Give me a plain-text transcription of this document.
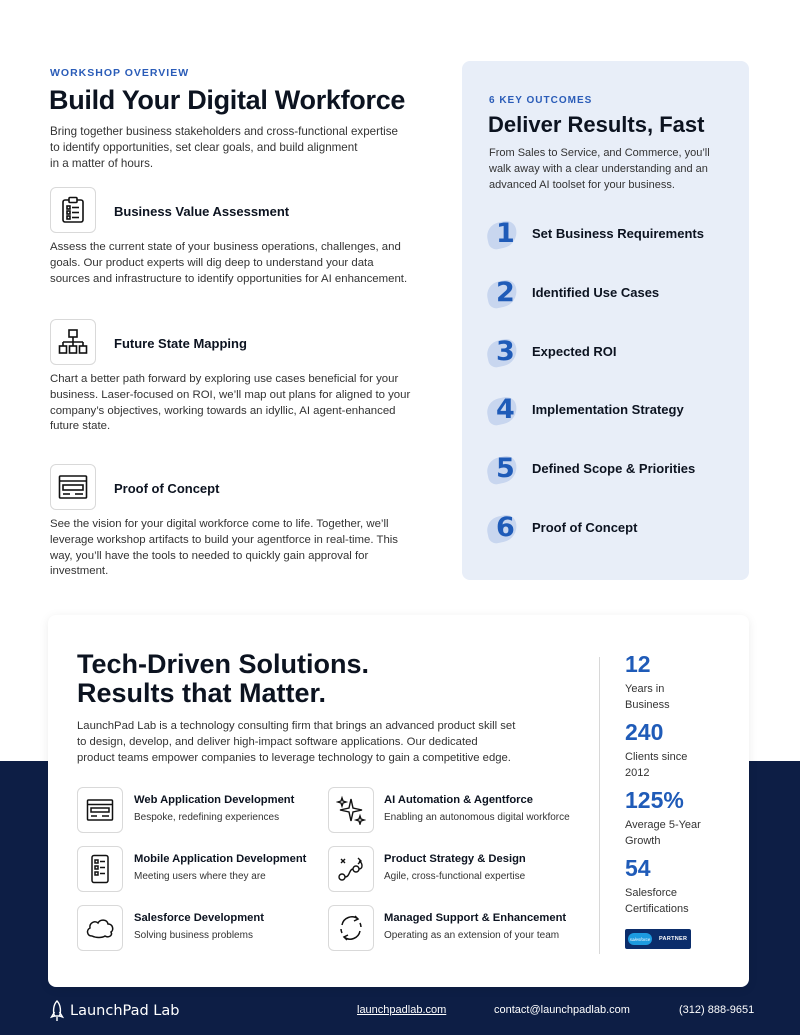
WORKSHOP OVERVIEW
Build Your Digital Workforce
Bring together business stakeholders and cross-functional expertise
to identify opportunities, set clear goals, and build alignment
in a matter of hours.
Business Value Assessment
Assess the current state of your business operations, challenges, and
goals. Our product experts will dig deep to understand your data
sources and infrastructure to identify opportunities for AI enhancement.
Future State Mapping
Chart a better path forward by exploring use cases beneficial for your
business. Laser-focused on ROI, we’ll map out plans for aligned to your
company’s objectives, working towards an idyllic, AI agent-enhanced
future state.
Proof of Concept
See the vision for your digital workforce come to life. Together, we’ll
leverage workshop artifacts to build your agentforce in real-time. This
way, you’ll have the tools to needed to quickly gain approval for
investment.
6 KEY OUTCOMES
Deliver Results, Fast
From Sales to Service, and Commerce, you’ll
walk away with a clear understanding and an
advanced AI toolset for your business.
1 Set Business Requirements
2 Identified Use Cases
3 Expected ROI
4 Implementation Strategy
5 Defined Scope & Priorities
6 Proof of Concept
Tech-Driven Solutions.
Results that Matter.
LaunchPad Lab is a technology consulting firm that brings an advanced product skill set
to design, develop, and deliver high-impact software applications. Our dedicated
product teams empower companies to leverage technology to gain a competitive edge.
Web Application Development
Bespoke, redefining experiences
AI Automation & Agentforce
Enabling an autonomous digital workforce
Mobile Application Development
Meeting users where they are
Product Strategy & Design
Agile, cross-functional expertise
Salesforce Development
Solving business problems
Managed Support & Enhancement
Operating as an extension of your team
12
Years in
Business
240
Clients since
2012
125%
Average 5-Year
Growth
54
Salesforce
Certifications
salesforce	PARTNER
LaunchPad Lab	launchpadlab.com	contact@launchpadlab.com	(312) 888-9651
